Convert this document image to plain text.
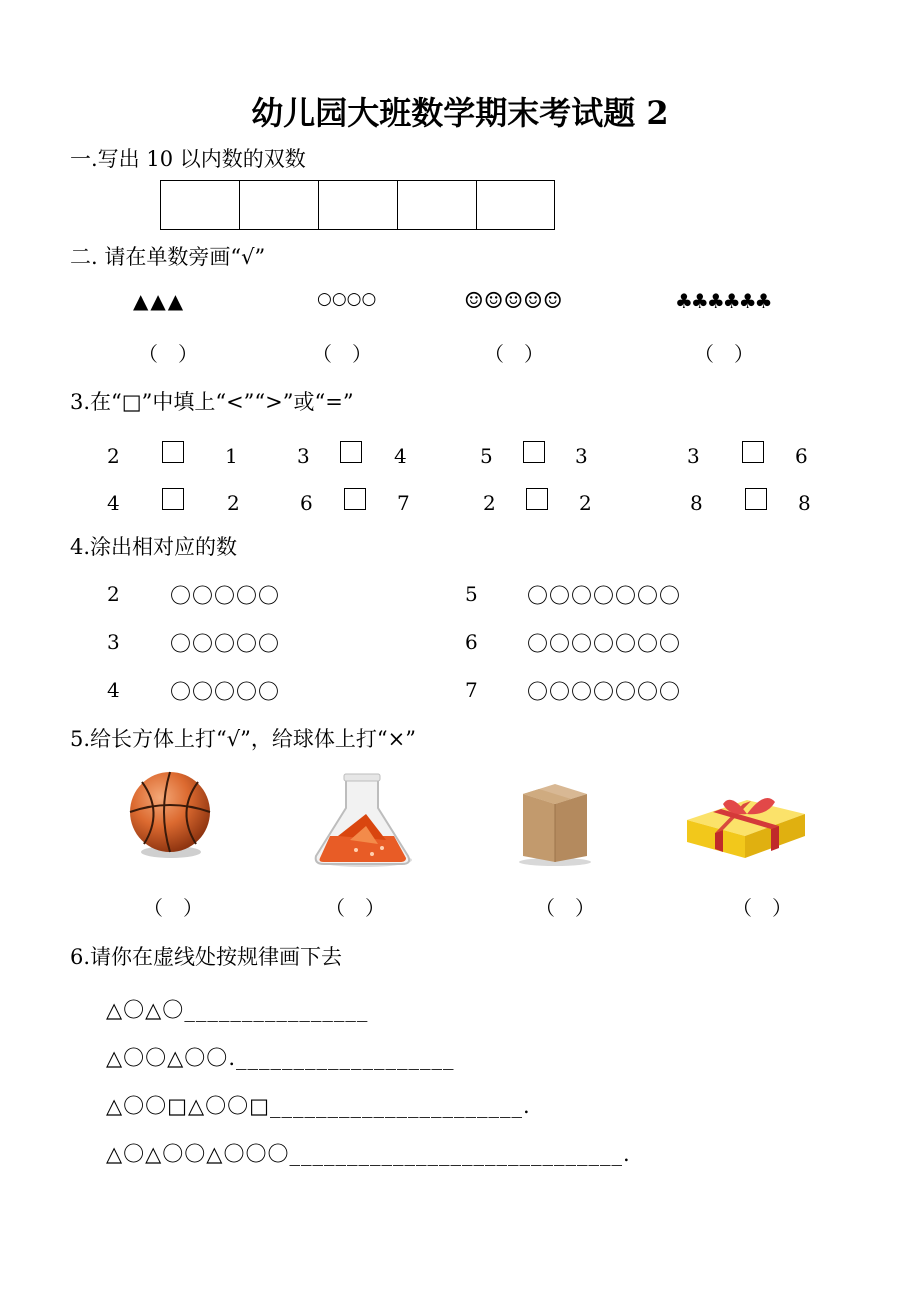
幼儿园大班数学期末考试题 2
一.写出 10 以内数的双数
二. 请在单数旁画“√”
▲▲▲	○○○○	☺☺☺☺☺	♣♣♣♣♣♣
（　）	（　）	（　）	（　）
3.在“□”中填上“<”“>”或“=”
2	1	3	4	5	3	3	6
4	2	6	7	2	2	8	8
4.涂出相对应的数
2 〇〇〇〇〇
3 〇〇〇〇〇
4 〇〇〇〇〇
5 〇〇〇〇〇〇〇
6 〇〇〇〇〇〇〇
7 〇〇〇〇〇〇〇
5.给长方体上打“√”，给球体上打“×”
（　）	（　）	（　）	（　）
6.请你在虚线处按规律画下去
△〇△〇________________
△〇〇△〇〇.___________________
△〇〇□△〇〇□______________________.
△〇△〇〇△〇〇〇_____________________________.
